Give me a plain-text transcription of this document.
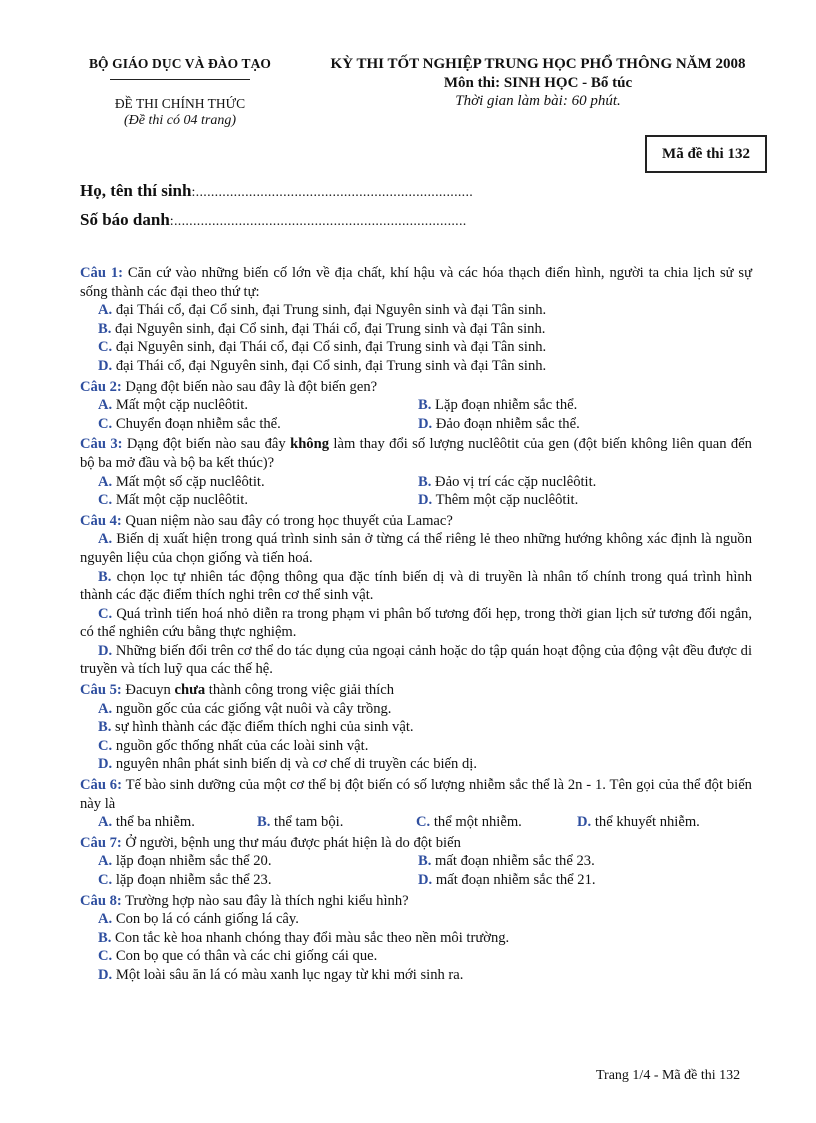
BỘ GIÁO DỤC VÀ ĐÀO TẠO
ĐỀ THI CHÍNH THỨC
(Đề thi có 04 trang)
KỲ THI TỐT NGHIỆP TRUNG HỌC PHỔ THÔNG NĂM 2008
Môn thi: SINH HỌC - Bổ túc
Thời gian làm bài: 60 phút.
Mã đề thi 132
Họ, tên thí sinh:.........................................................................
Số báo danh:.............................................................................
Câu 1: Căn cứ vào những biến cố lớn về địa chất, khí hậu và các hóa thạch điển hình, người ta chia lịch sử sự sống thành các đại theo thứ tự:
A. đại Thái cổ, đại Cổ sinh, đại Trung sinh, đại Nguyên sinh và đại Tân sinh.
B. đại Nguyên sinh, đại Cổ sinh, đại Thái cổ, đại Trung sinh và đại Tân sinh.
C. đại Nguyên sinh, đại Thái cổ, đại Cổ sinh, đại Trung sinh và đại Tân sinh.
D. đại Thái cổ, đại Nguyên sinh, đại Cổ sinh, đại Trung sinh và đại Tân sinh.
Câu 2: Dạng đột biến nào sau đây là đột biến gen?
A. Mất một cặp nuclêôtit.	B. Lặp đoạn nhiễm sắc thể.
C. Chuyển đoạn nhiễm sắc thể.	D. Đảo đoạn nhiễm sắc thể.
Câu 3: Dạng đột biến nào sau đây không làm thay đổi số lượng nuclêôtit của gen (đột biến không liên quan đến bộ ba mở đầu và bộ ba kết thúc)?
A. Mất một số cặp nuclêôtit.	B. Đảo vị trí các cặp nuclêôtit.
C. Mất một cặp nuclêôtit.	D. Thêm một cặp nuclêôtit.
Câu 4: Quan niệm nào sau đây có trong học thuyết của Lamac?
A. Biến dị xuất hiện trong quá trình sinh sản ở từng cá thể riêng lẻ theo những hướng không xác định là nguồn nguyên liệu của chọn giống và tiến hoá.
B. chọn lọc tự nhiên tác động thông qua đặc tính biến dị và di truyền là nhân tố chính trong quá trình hình thành các đặc điểm thích nghi trên cơ thể sinh vật.
C. Quá trình tiến hoá nhỏ diễn ra trong phạm vi phân bố tương đối hẹp, trong thời gian lịch sử tương đối ngắn, có thể nghiên cứu bằng thực nghiệm.
D. Những biến đổi trên cơ thể do tác dụng của ngoại cảnh hoặc do tập quán hoạt động của động vật đều được di truyền và tích luỹ qua các thế hệ.
Câu 5: Đacuyn chưa thành công trong việc giải thích
A. nguồn gốc của các giống vật nuôi và cây trồng.
B. sự hình thành các đặc điểm thích nghi của sinh vật.
C. nguồn gốc thống nhất của các loài sinh vật.
D. nguyên nhân phát sinh biến dị và cơ chế di truyền các biến dị.
Câu 6: Tế bào sinh dưỡng của một cơ thể bị đột biến có số lượng nhiễm sắc thể là 2n - 1. Tên gọi của thể đột biến này là
A. thể ba nhiễm.	B. thể tam bội.	C. thể một nhiễm.	D. thể khuyết nhiễm.
Câu 7: Ở người, bệnh ung thư máu được phát hiện là do đột biến
A. lặp đoạn nhiễm sắc thể 20.	B. mất đoạn nhiễm sắc thể 23.
C. lặp đoạn nhiễm sắc thể 23.	D. mất đoạn nhiễm sắc thể 21.
Câu 8: Trường hợp nào sau đây là thích nghi kiểu hình?
A. Con bọ lá có cánh giống lá cây.
B. Con tắc kè hoa nhanh chóng thay đổi màu sắc theo nền môi trường.
C. Con bọ que có thân và các chi giống cái que.
D. Một loài sâu ăn lá có màu xanh lục ngay từ khi mới sinh ra.
Trang 1/4 - Mã đề thi 132
